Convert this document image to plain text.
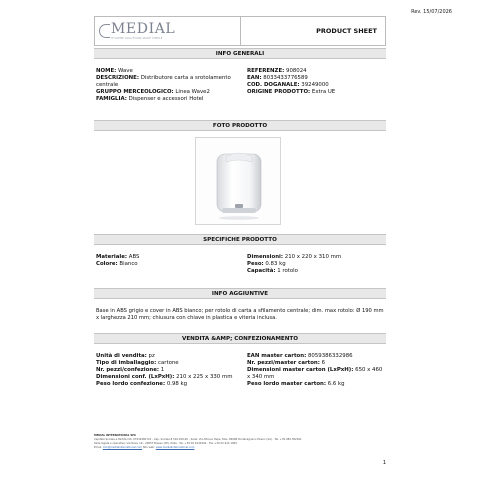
Rev. 15/07/2026
MEDIAL
HYGIENE SOLUTIONS MADE SIMPLE
PRODUCT SHEET
INFO GENERALI
NOME: Wave
DESCRIZIONE: Distributore carta a srotolamento centrale
GRUPPO MERCEOLOGICO: Linea Wave2
FAMIGLIA: Dispenser e accessori Hotel
REFERENZE: 908024
EAN: 8033433776589
COD. DOGANALE: 39249000
ORIGINE PRODOTTO: Extra UE
FOTO PRODOTTO
SPECIFICHE PRODOTTO
Materiale: ABS
Colore: Bianco
Dimensioni: 210 x 220 x 310 mm
Peso: 0.83 kg
Capacità: 1 rotolo
INFO AGGIUNTIVE
Base in ABS grigio e cover in ABS bianco; per rotolo di carta a sfilamento centrale; dim. max rotolo: Ø 190 mm x larghezza 210 mm; chiusura con chiave in plastica e viteria inclusa.
VENDITA &AMP; CONFEZIONAMENTO
Unità di vendita: pz
Tipo di imballaggio: cartone
Nr. pezzi/confezione: 1
Dimensioni conf. (LxPxH): 210 x 225 x 330 mm
Peso lordo confezione: 0.98 kg
EAN master carton: 8059386332986
Nr. pezzi/master carton: 6
Dimensioni master carton (LxPxH): 650 x 460 x 340 mm
Peso lordo master carton: 6.6 kg
MEDIAL INTERNATIONAL SPA
Capitale Sociale e Partita IVA: 07934480722 - Cap. Sociale € 516.456,90 - Sede: Via Alfonso Papa, 5bis, 84098 Pontecagnano Faiano (SA) - Tel. +39 089 382941
Sede legale e operativa: Via Rosa, 16 - 20057 Bresso (MI), Italia - Tel. +39 02 6141904 - Fax +39 02 614 1905
Email: info@medialinternational.com Sito web: www.medialinternational.com
1
